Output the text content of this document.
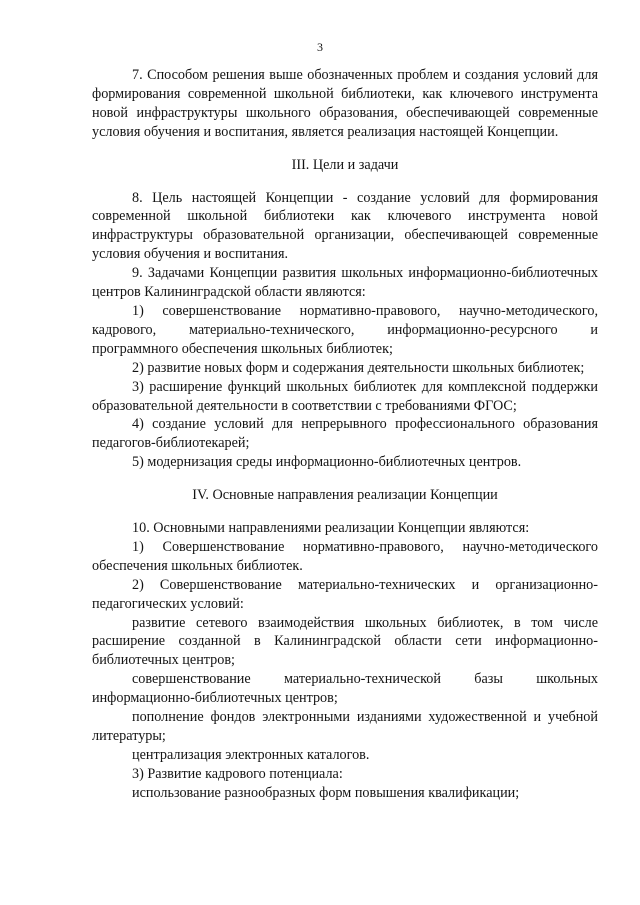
3

7. Способом решения выше обозначенных проблем и создания условий для формирования современной школьной библиотеки, как ключевого инструмента новой инфраструктуры школьного образования, обеспечивающей современные условия обучения и воспитания, является реализация настоящей Концепции.

III. Цели и задачи

8. Цель настоящей Концепции - создание условий для формирования современной школьной библиотеки как ключевого инструмента новой инфраструктуры образовательной организации, обеспечивающей современные условия обучения и воспитания.

9. Задачами Концепции развития школьных информационно-библиотечных центров Калининградской области являются:

1) совершенствование нормативно-правового, научно-методического, кадрового, материально-технического, информационно-ресурсного и программного обеспечения школьных библиотек;

2) развитие новых форм и содержания деятельности школьных библиотек;

3) расширение функций школьных библиотек для комплексной поддержки образовательной деятельности в соответствии с требованиями ФГОС;

4) создание условий для непрерывного профессионального образования педагогов-библиотекарей;

5) модернизация среды информационно-библиотечных центров.

IV. Основные направления реализации Концепции

10. Основными направлениями реализации Концепции являются:

1) Совершенствование нормативно-правового, научно-методического обеспечения школьных библиотек.

2) Совершенствование материально-технических и организационно-педагогических условий:

развитие сетевого взаимодействия школьных библиотек, в том числе расширение созданной в Калининградской области сети информационно-библиотечных центров;

совершенствование материально-технической базы школьных информационно-библиотечных центров;

пополнение фондов электронными изданиями художественной и учебной литературы;

централизация электронных каталогов.

3) Развитие кадрового потенциала:

использование разнообразных форм повышения квалификации;
